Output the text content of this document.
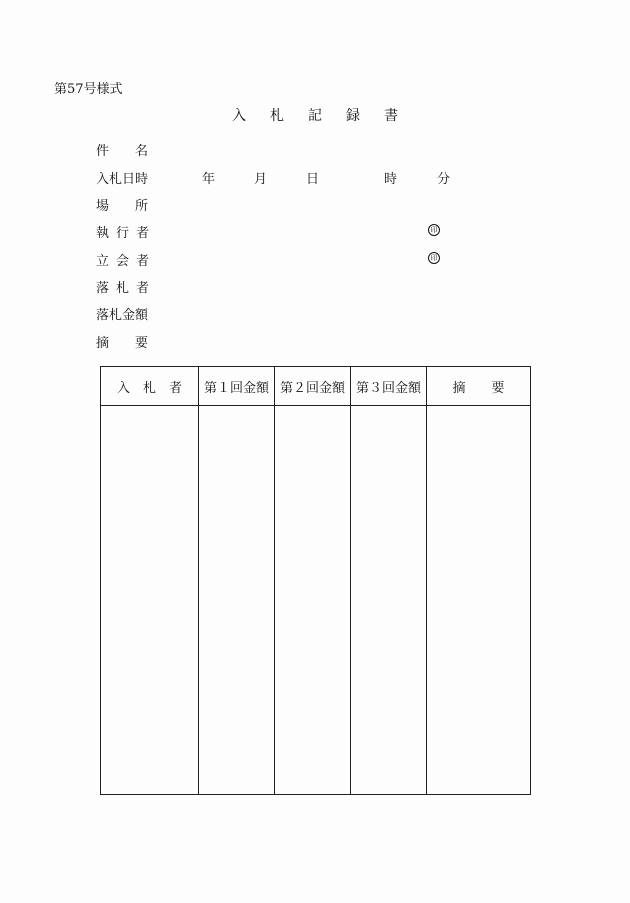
第57号様式
入札記録書
件名
入札日時	年	月	日	時	分
場所
執行者	印
立会者	印
落札者
落札金額
摘要
入　札　者	第１回金額	第２回金額	第３回金額	摘　　要
